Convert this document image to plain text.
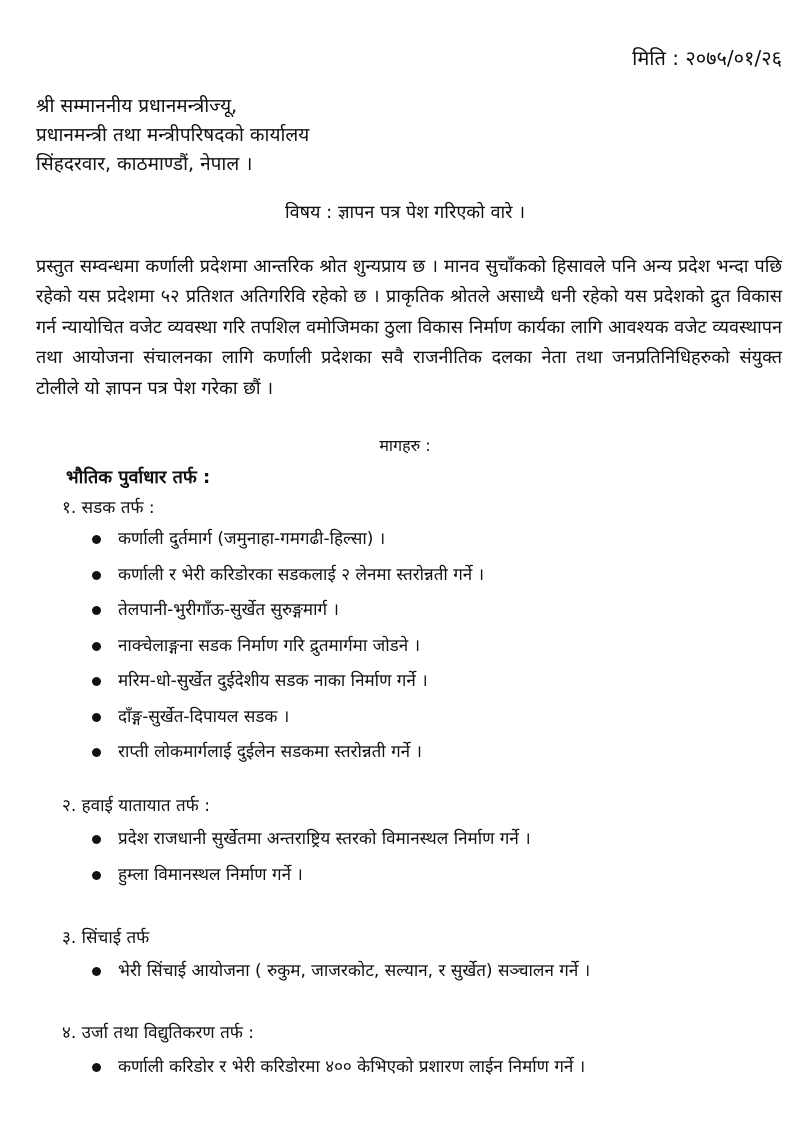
मिति : २०७५/०१/२६
श्री सम्माननीय प्रधानमन्त्रीज्यू,
प्रधानमन्त्री तथा मन्त्रीपरिषदको कार्यालय
सिंहदरवार, काठमाण्डौं, नेपाल ।
विषय : ज्ञापन पत्र पेश गरिएको वारे ।
प्रस्तुत सम्वन्धमा कर्णाली प्रदेशमा आन्तरिक श्रोत शुन्यप्राय छ । मानव सुचाँकको हिसावले पनि अन्य प्रदेश भन्दा पछि रहेको यस प्रदेशमा ५२ प्रतिशत अतिगरिवि रहेको छ । प्राकृतिक श्रोतले असाध्यै धनी रहेको यस प्रदेशको द्रुत विकास गर्न न्यायोचित वजेट व्यवस्था गरि तपशिल वमोजिमका ठुला विकास निर्माण कार्यका लागि आवश्यक वजेट व्यवस्थापन तथा आयोजना संचालनका लागि कर्णाली प्रदेशका सवै राजनीतिक दलका नेता तथा जनप्रतिनिधिहरुको संयुक्त टोलीले यो ज्ञापन पत्र पेश गरेका छौं ।
मागहरु :
भौतिक पुर्वाधार तर्फ :
१. सडक तर्फ :
कर्णाली दुर्तमार्ग (जमुनाहा-गमगढी-हिल्सा) ।
कर्णाली र भेरी करिडोरका सडकलाई २ लेनमा स्तरोन्नती गर्ने ।
तेलपानी-भुरीगाँऊ-सुर्खेत सुरुङ्गमार्ग ।
नाक्चेलाङ्गना सडक निर्माण गरि द्रुतमार्गमा जोडने ।
मरिम-धो-सुर्खेत दुईदेशीय सडक नाका निर्माण गर्ने ।
दाँङ्ग-सुर्खेत-दिपायल सडक ।
राप्ती लोकमार्गलाई दुईलेन सडकमा स्तरोन्नती गर्ने ।
२. हवाई यातायात तर्फ :
प्रदेश राजधानी सुर्खेतमा अन्तराष्ट्रिय स्तरको विमानस्थल निर्माण गर्ने ।
हुम्ला विमानस्थल निर्माण गर्ने ।
३. सिंचाई तर्फ
भेरी सिंचाई आयोजना ( रुकुम, जाजरकोट, सल्यान, र सुर्खेत) सञ्चालन गर्ने ।
४. उर्जा तथा विद्युतिकरण तर्फ :
कर्णाली करिडोर र भेरी करिडोरमा ४०० केभिएको प्रशारण लाईन निर्माण गर्ने ।
